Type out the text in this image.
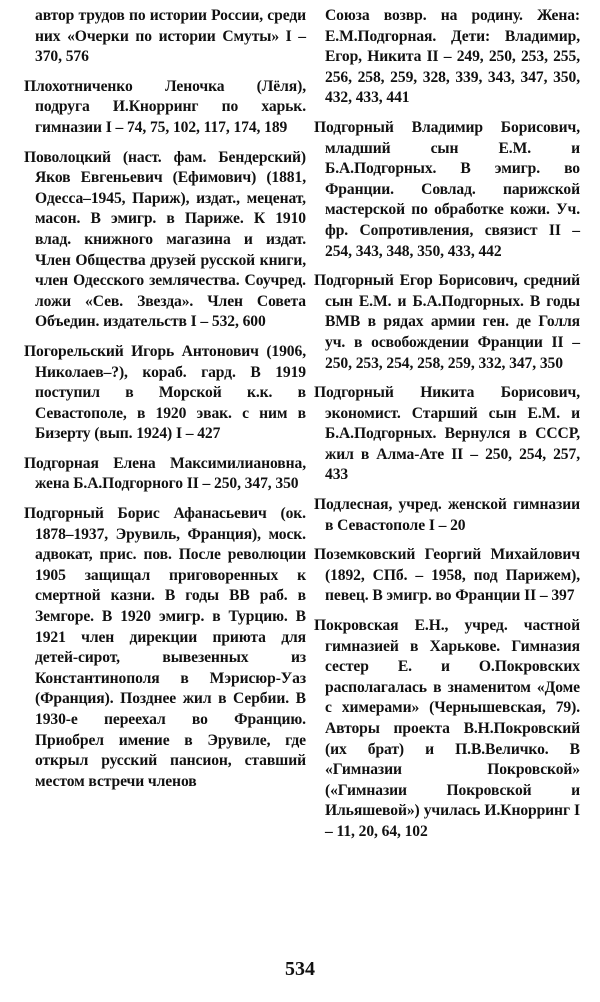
автор трудов по истории России, среди них «Очерки по истории Смуты» I – 370, 576

Плохотниченко Леночка (Лёля), подруга И.Кнорринг по харьк. гимназии I – 74, 75, 102, 117, 174, 189

Поволоцкий (наст. фам. Бендерский) Яков Евгеньевич (Ефимович) (1881, Одесса–1945, Париж), издат., меценат, масон. В эмигр. в Париже. К 1910 влад. книжного магазина и издат. Член Общества друзей русской книги, член Одесского землячества. Соучред. ложи «Сев. Звезда». Член Совета Объедин. издательств I – 532, 600

Погорельский Игорь Антонович (1906, Николаев–?), кораб. гард. В 1919 поступил в Морской к.к. в Севастополе, в 1920 эвак. с ним в Бизерту (вып. 1924) I – 427

Подгорная Елена Максимилиановна, жена Б.А.Подгорного II – 250, 347, 350

Подгорный Борис Афанасьевич (ок. 1878–1937, Эрувиль, Франция), моск. адвокат, прис. пов. После революции 1905 защищал приговоренных к смертной казни. В годы ВВ раб. в Земгоре. В 1920 эмигр. в Турцию. В 1921 член дирекции приюта для детей-сирот, вывезенных из Константинополя в Мэрисюр-Уаз (Франция). Позднее жил в Сербии. В 1930-е переехал во Францию. Приобрел имение в Эрувиле, где открыл русский пансион, ставший местом встречи членов

Союза возвр. на родину. Жена: Е.М.Подгорная. Дети: Владимир, Егор, Никита II – 249, 250, 253, 255, 256, 258, 259, 328, 339, 343, 347, 350, 432, 433, 441

Подгорный Владимир Борисович, младший сын Е.М. и Б.А.Подгорных. В эмигр. во Франции. Совлад. парижской мастерской по обработке кожи. Уч. фр. Сопротивления, связист II – 254, 343, 348, 350, 433, 442

Подгорный Егор Борисович, средний сын Е.М. и Б.А.Подгорных. В годы ВМВ в рядах армии ген. де Голля уч. в освобождении Франции II – 250, 253, 254, 258, 259, 332, 347, 350

Подгорный Никита Борисович, экономист. Старший сын Е.М. и Б.А.Подгорных. Вернулся в СССР, жил в Алма-Ате II – 250, 254, 257, 433

Подлесная, учред. женской гимназии в Севастополе I – 20

Поземковский Георгий Михайлович (1892, СПб. – 1958, под Парижем), певец. В эмигр. во Франции II – 397

Покровская Е.Н., учред. частной гимназией в Харькове. Гимназия сестер Е. и О.Покровских располагалась в знаменитом «Доме с химерами» (Чернышевская, 79). Авторы проекта В.Н.Покровский (их брат) и П.В.Величко. В «Гимназии Покровской» («Гимназии Покровской и Ильяшевой») училась И.Кнорринг I – 11, 20, 64, 102

534
